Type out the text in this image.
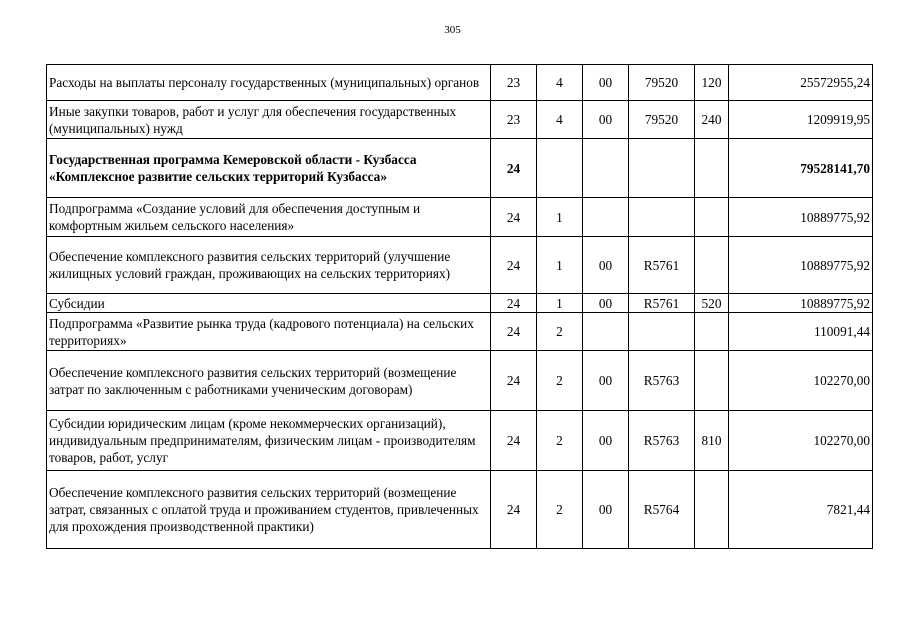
305
Расходы на выплаты персоналу государственных (муниципальных) органов	23	4	00	79520	120	25572955,24
Иные закупки товаров, работ и услуг для обеспечения государственных (муниципальных) нужд	23	4	00	79520	240	1209919,95
Государственная программа Кемеровской области - Кузбасса «Комплексное развитие сельских территорий Кузбасса»	24					79528141,70
Подпрограмма «Создание условий для обеспечения доступным и комфортным жильем сельского населения»	24	1				10889775,92
Обеспечение комплексного развития сельских территорий (улучшение жилищных условий граждан, проживающих на сельских территориях)	24	1	00	R5761		10889775,92
Субсидии	24	1	00	R5761	520	10889775,92
Подпрограмма «Развитие рынка труда (кадрового потенциала) на сельских территориях»	24	2				110091,44
Обеспечение комплексного развития сельских территорий (возмещение затрат по заключенным с работниками ученическим договорам)	24	2	00	R5763		102270,00
Субсидии юридическим лицам (кроме некоммерческих организаций), индивидуальным предпринимателям, физическим лицам - производителям товаров, работ, услуг	24	2	00	R5763	810	102270,00
Обеспечение комплексного развития сельских территорий (возмещение затрат, связанных с оплатой труда и проживанием студентов, привлеченных для прохождения производственной практики)	24	2	00	R5764		7821,44
